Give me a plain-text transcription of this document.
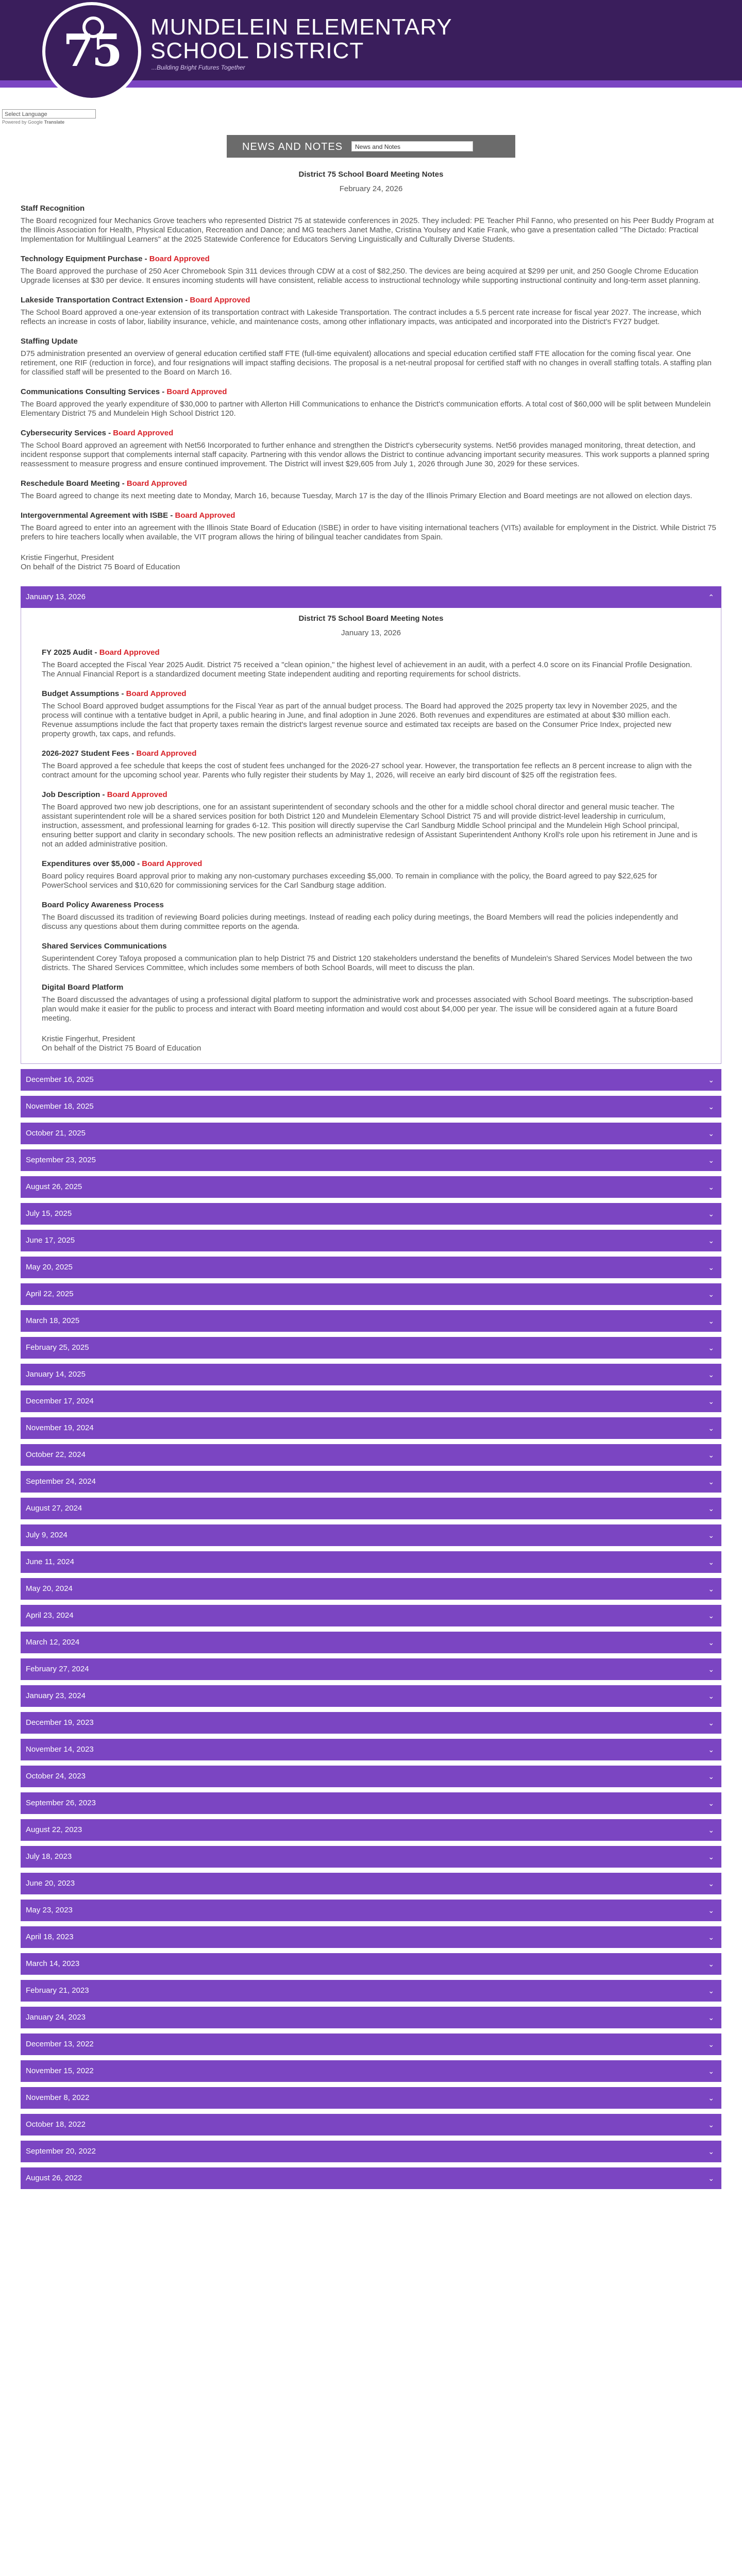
MUNDELEIN ELEMENTARY
SCHOOL DISTRICT
...Building Bright Futures Together
75
Select Language
Powered by Google Translate
NEWS AND NOTES	News and Notes
District 75 School Board Meeting Notes
February 24, 2026
Staff Recognition

The Board recognized four Mechanics Grove teachers who represented District 75 at statewide conferences in 2025. They included: PE Teacher Phil Fanno, who presented on his Peer Buddy Program at the Illinois Association for Health, Physical Education, Recreation and Dance; and MG teachers Janet Mathe, Cristina Youlsey and Katie Frank, who gave a presentation called "The Dictado: Practical Implementation for Multilingual Learners" at the 2025 Statewide Conference for Educators Serving Linguistically and Culturally Diverse Students.

Technology Equipment Purchase - Board Approved

The Board approved the purchase of 250 Acer Chromebook Spin 311 devices through CDW at a cost of $82,250. The devices are being acquired at $299 per unit, and 250 Google Chrome Education Upgrade licenses at $30 per device. It ensures incoming students will have consistent, reliable access to instructional technology while supporting instructional continuity and long-term asset planning.

Lakeside Transportation Contract Extension - Board Approved

The School Board approved a one-year extension of its transportation contract with Lakeside Transportation. The contract includes a 5.5 percent rate increase for fiscal year 2027. The increase, which reflects an increase in costs of labor, liability insurance, vehicle, and maintenance costs, among other inflationary impacts, was anticipated and incorporated into the District's FY27 budget.

Staffing Update

D75 administration presented an overview of general education certified staff FTE (full-time equivalent) allocations and special education certified staff FTE allocation for the coming fiscal year. One retirement, one RIF (reduction in force), and four resignations will impact staffing decisions. The proposal is a net-neutral proposal for certified staff with no changes in overall staffing totals. A staffing plan for classified staff will be presented to the Board on March 16.

Communications Consulting Services - Board Approved

The Board approved the yearly expenditure of $30,000 to partner with Allerton Hill Communications to enhance the District's communication efforts. A total cost of $60,000 will be split between Mundelein Elementary District 75 and Mundelein High School District 120.

Cybersecurity Services - Board Approved

The School Board approved an agreement with Net56 Incorporated to further enhance and strengthen the District's cybersecurity systems. Net56 provides managed monitoring, threat detection, and incident response support that complements internal staff capacity. Partnering with this vendor allows the District to continue advancing important security measures. This work supports a planned spring reassessment to measure progress and ensure continued improvement. The District will invest $29,605 from July 1, 2026 through June 30, 2029 for these services.

Reschedule Board Meeting - Board Approved

The Board agreed to change its next meeting date to Monday, March 16, because Tuesday, March 17 is the day of the Illinois Primary Election and Board meetings are not allowed on election days.

Intergovernmental Agreement with ISBE - Board Approved

The Board agreed to enter into an agreement with the Illinois State Board of Education (ISBE) in order to have visiting international teachers (VITs) available for employment in the District. While District 75 prefers to hire teachers locally when available, the VIT program allows the hiring of bilingual teacher candidates from Spain.

Kristie Fingerhut, President
On behalf of the District 75 Board of Education
January 13, 2026	⌃
District 75 School Board Meeting Notes
January 13, 2026
FY 2025 Audit - Board Approved

The Board accepted the Fiscal Year 2025 Audit. District 75 received a "clean opinion," the highest level of achievement in an audit, with a perfect 4.0 score on its Financial Profile Designation. The Annual Financial Report is a standardized document meeting State independent auditing and reporting requirements for school districts.

Budget Assumptions - Board Approved

The School Board approved budget assumptions for the Fiscal Year as part of the annual budget process. The Board had approved the 2025 property tax levy in November 2025, and the process will continue with a tentative budget in April, a public hearing in June, and final adoption in June 2026. Both revenues and expenditures are estimated at about $30 million each. Revenue assumptions include the fact that property taxes remain the district's largest revenue source and estimated tax receipts are based on the Consumer Price Index, projected new property growth, tax caps, and refunds.

2026-2027 Student Fees - Board Approved

The Board approved a fee schedule that keeps the cost of student fees unchanged for the 2026-27 school year. However, the transportation fee reflects an 8 percent increase to align with the contract amount for the upcoming school year. Parents who fully register their students by May 1, 2026, will receive an early bird discount of $25 off the registration fees.

Job Description - Board Approved

The Board approved two new job descriptions, one for an assistant superintendent of secondary schools and the other for a middle school choral director and general music teacher. The assistant superintendent role will be a shared services position for both District 120 and Mundelein Elementary School District 75 and will provide district-level leadership in curriculum, instruction, assessment, and professional learning for grades 6-12. This position will directly supervise the Carl Sandburg Middle School principal and the Mundelein High School principal, ensuring better support and clarity in secondary schools. The new position reflects an administrative redesign of Assistant Superintendent Anthony Kroll's role upon his retirement in June and is not an added administrative position.

Expenditures over $5,000 - Board Approved

Board policy requires Board approval prior to making any non-customary purchases exceeding $5,000. To remain in compliance with the policy, the Board agreed to pay $22,625 for PowerSchool services and $10,620 for commissioning services for the Carl Sandburg stage addition.

Board Policy Awareness Process

The Board discussed its tradition of reviewing Board policies during meetings. Instead of reading each policy during meetings, the Board Members will read the policies independently and discuss any questions about them during committee reports on the agenda.

Shared Services Communications

Superintendent Corey Tafoya proposed a communication plan to help District 75 and District 120 stakeholders understand the benefits of Mundelein's Shared Services Model between the two districts. The Shared Services Committee, which includes some members of both School Boards, will meet to discuss the plan.

Digital Board Platform

The Board discussed the advantages of using a professional digital platform to support the administrative work and processes associated with School Board meetings. The subscription-based plan would make it easier for the public to process and interact with Board meeting information and would cost about $4,000 per year. The issue will be considered again at a future Board meeting.

Kristie Fingerhut, President
On behalf of the District 75 Board of Education
December 16, 2025	⌄
November 18, 2025	⌄
October 21, 2025	⌄
September 23, 2025	⌄
August 26, 2025	⌄
July 15, 2025	⌄
June 17, 2025	⌄
May 20, 2025	⌄
April 22, 2025	⌄
March 18, 2025	⌄
February 25, 2025	⌄
January 14, 2025	⌄
December 17, 2024	⌄
November 19, 2024	⌄
October 22, 2024	⌄
September 24, 2024	⌄
August 27, 2024	⌄
July 9, 2024	⌄
June 11, 2024	⌄
May 20, 2024	⌄
April 23, 2024	⌄
March 12, 2024	⌄
February 27, 2024	⌄
January 23, 2024	⌄
December 19, 2023	⌄
November 14, 2023	⌄
October 24, 2023	⌄
September 26, 2023	⌄
August 22, 2023	⌄
July 18, 2023	⌄
June 20, 2023	⌄
May 23, 2023	⌄
April 18, 2023	⌄
March 14, 2023	⌄
February 21, 2023	⌄
January 24, 2023	⌄
December 13, 2022	⌄
November 15, 2022	⌄
November 8, 2022	⌄
October 18, 2022	⌄
September 20, 2022	⌄
August 26, 2022	⌄
